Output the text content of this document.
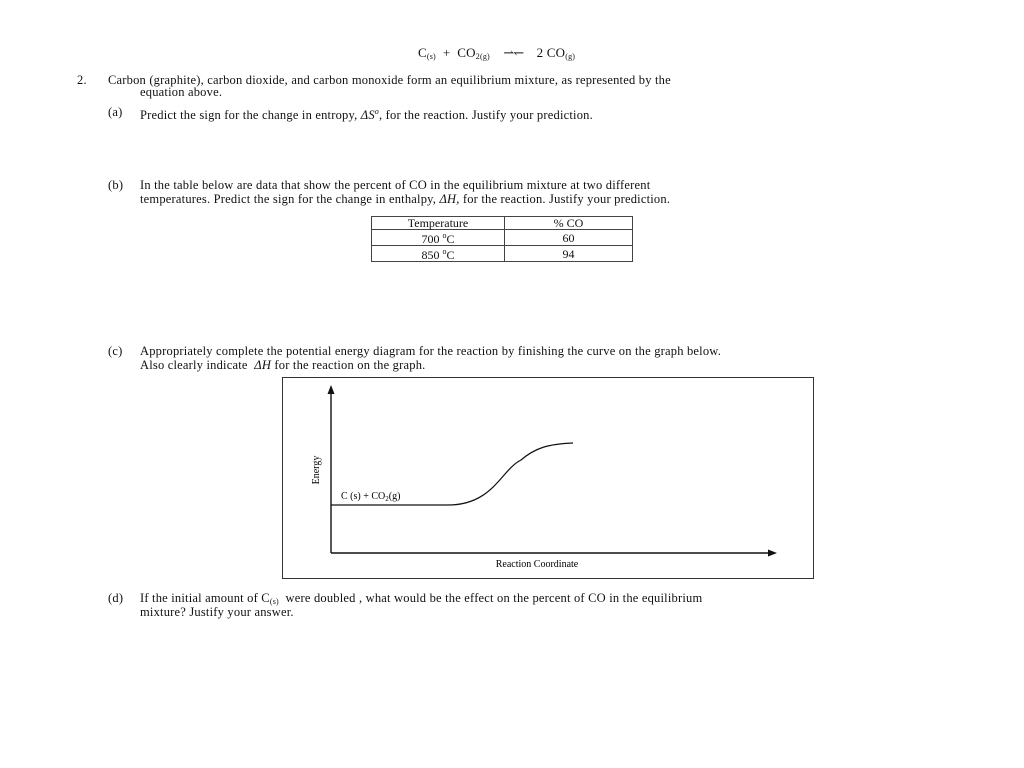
$C_{(s)} + CO_{2(g)}$ ⇀↽ 2 $CO_{(g)}$
2. Carbon (graphite), carbon dioxide, and carbon monoxide form an equilibrium mixture, as represented by the
equation above.
(a)	Predict the sign for the change in entropy, $\Delta S^o$, for the reaction. Justify your prediction.
(b)	In the table below are data that show the percent of CO in the equilibrium mixture at two different
temperatures. Predict the sign for the change in enthalpy, ΔH, for the reaction. Justify your prediction.
Temperature	% CO
700 $^o$C	60
850 $^o$C	94
(c)	Appropriately complete the potential energy diagram for the reaction by finishing the curve on the graph below.
Also clearly indicate ΔH for the reaction on the graph.
Energy
Reaction Coordinate
C $(s) + CO_2(g)$
(d)	If the initial amount of $C_{(s)}$ were doubled , what would be the effect on the percent of CO in the equilibrium
mixture? Justify your answer.
